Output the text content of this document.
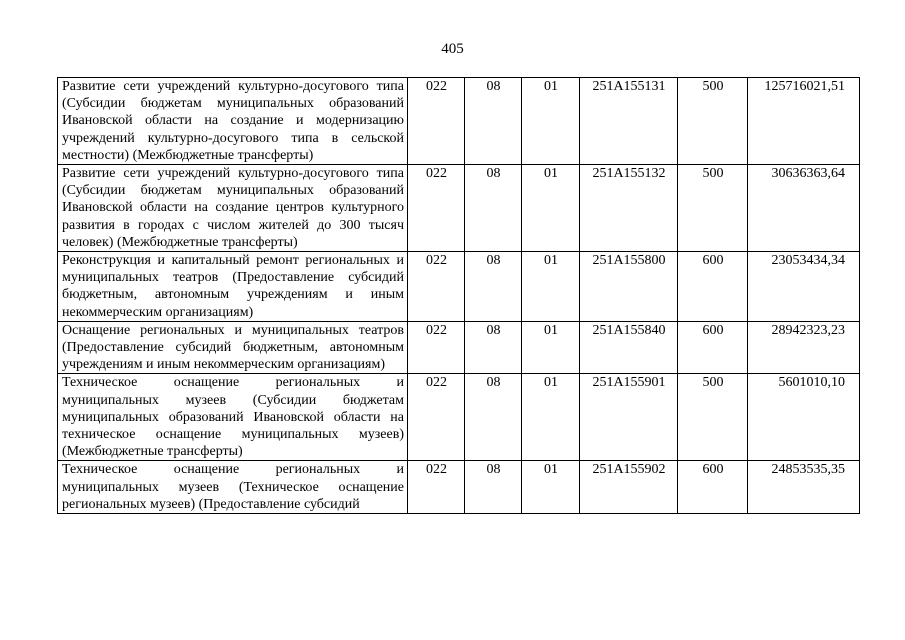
405
Развитие сети учреждений культурно-досугового типа (Субсидии бюджетам муниципальных образований Ивановской области на создание и модернизацию учреждений культурно-досугового типа в сельской местности) (Межбюджетные трансферты)	022	08	01	251A155131	500	125716021,51
Развитие сети учреждений культурно-досугового типа (Субсидии бюджетам муниципальных образований Ивановской области на создание центров культурного развития в городах с числом жителей до 300 тысяч человек) (Межбюджетные трансферты)	022	08	01	251A155132	500	30636363,64
Реконструкция и капитальный ремонт региональных и муниципальных театров (Предоставление субсидий бюджетным, автономным учреждениям и иным некоммерческим организациям)	022	08	01	251A155800	600	23053434,34
Оснащение региональных и муниципальных театров (Предоставление субсидий бюджетным, автономным учреждениям и иным некоммерческим организациям)	022	08	01	251A155840	600	28942323,23
Техническое оснащение региональных и муниципальных музеев (Субсидии бюджетам муниципальных образований Ивановской области на техническое оснащение муниципальных музеев) (Межбюджетные трансферты)	022	08	01	251A155901	500	5601010,10
Техническое оснащение региональных и муниципальных музеев (Техническое оснащение региональных музеев) (Предоставление субсидий	022	08	01	251A155902	600	24853535,35
